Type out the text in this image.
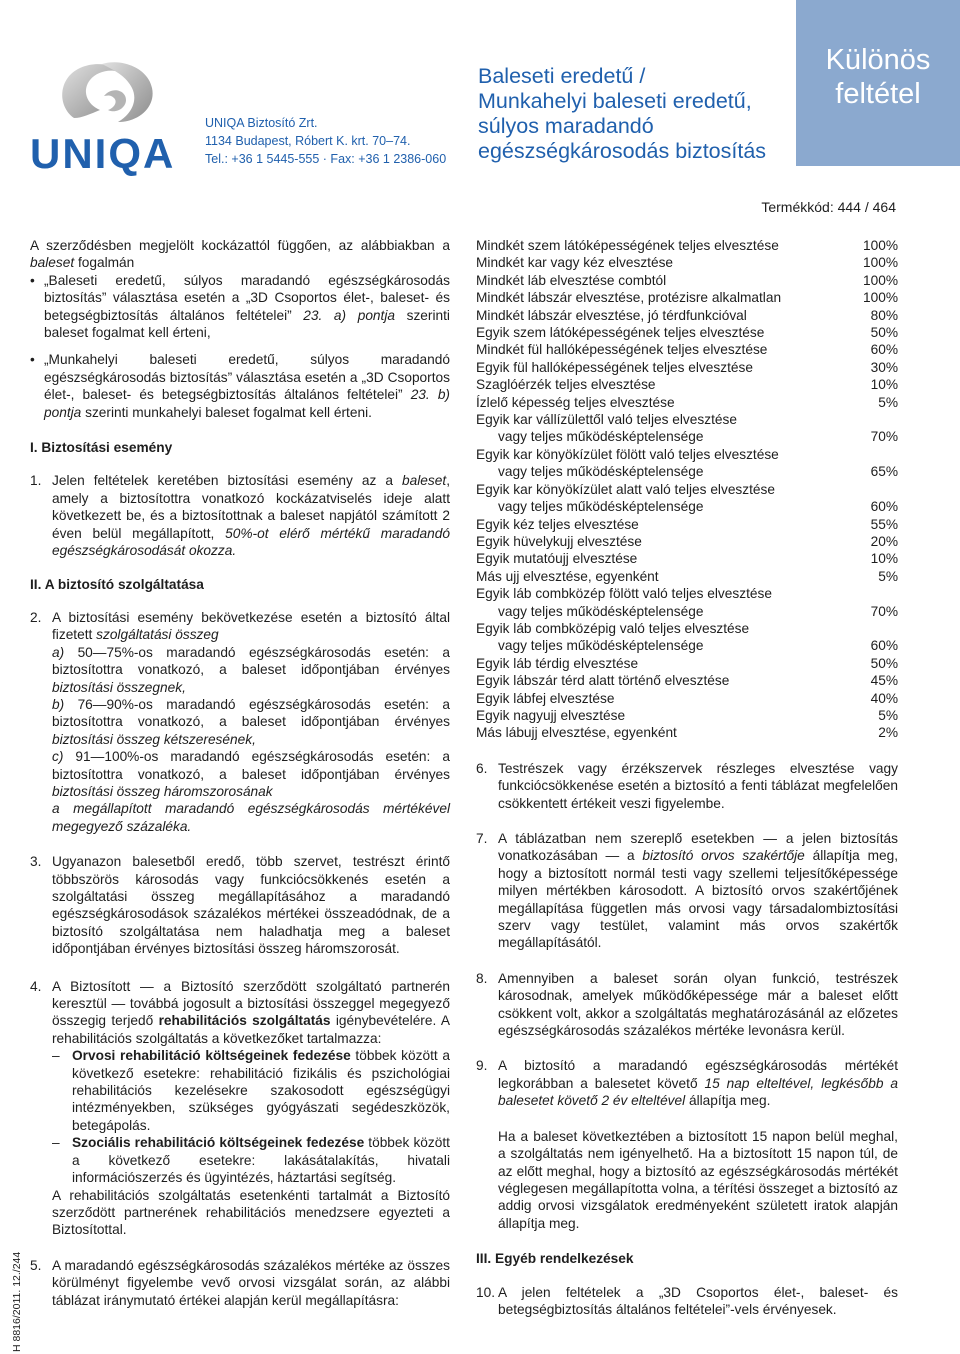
UNIQA
UNIQA Biztosító Zrt.
1134 Budapest, Róbert K. krt. 70–74.
Tel.: +36 1 5445-555 · Fax: +36 1 2386-060
Baleseti eredetű /
Munkahelyi baleseti eredetű,
súlyos maradandó
egészségkárosodás biztosítás
Különös
feltétel
Termékkód: 444 / 464
H 8816/2011. 12./244

A szerződésben megjelölt kockázattól függően, az alábbiakban a baleset fogalmán

• „Baleseti eredetű, súlyos maradandó egészségkárosodás biztosítás” választása esetén a „3D Csoportos élet-, baleset- és betegségbiztosítás általános feltételei” 23. a) pontja szerinti baleset fogalmat kell érteni,
• „Munkahelyi baleseti eredetű, súlyos maradandó egészségkárosodás biztosítás” választása esetén a „3D Csoportos élet-, baleset- és betegségbiztosítás általános feltételei” 23. b) pontja szerinti munkahelyi baleset fogalmat kell érteni.

I. Biztosítási esemény

1. Jelen feltételek keretében biztosítási esemény az a baleset, amely a biztosítottra vonatkozó kockázatviselés ideje alatt következett be, és a biztosítottnak a baleset napjától számított 2 éven belül megállapított, 50%-ot elérő mértékű maradandó egészségkárosodását okozza.

II. A biztosító szolgáltatása

2. A biztosítási esemény bekövetkezése esetén a biztosító által fizetett szolgáltatási összeg
a) 50—75%-os maradandó egészségkárosodás esetén: a biztosítottra vonatkozó, a baleset időpontjában érvényes biztosítási összegnek,
b) 76—90%-os maradandó egészségkárosodás esetén: a biztosítottra vonatkozó, a baleset időpontjában érvényes biztosítási összeg kétszeresének,
c) 91—100%-os maradandó egészségkárosodás esetén: a biztosítottra vonatkozó, a baleset időpontjában érvényes biztosítási összeg háromszorosának
a megállapított maradandó egészségkárosodás mértékével megegyező százaléka.
3. Ugyanazon balesetből eredő, több szervet, testrészt érintő többszörös károsodás vagy funkciócsökkenés esetén a szolgáltatási összeg megállapításához a maradandó egészségkárosodások százalékos mértékei összeadódnak, de a biztosító szolgáltatása nem haladhatja meg a baleset időpontjában érvényes biztosítási összeg háromszorosát.
4. A Biztosított — a Biztosító szerződött szolgáltató partnerén keresztül — továbbá jogosult a biztosítási összeggel megegyező összegig terjedő rehabilitációs szolgáltatás igénybevételére. A rehabilitációs szolgáltatás a következőket tartalmazza:
– Orvosi rehabilitáció költségeinek fedezése többek között a következő esetekre: rehabilitáció fizikális és pszichológiai rehabilitációs kezelésekre szakosodott egészségügyi intézményekben, szükséges gyógyászati segédeszközök, betegápolás.
– Szociális rehabilitáció költségeinek fedezése többek között a következő esetekre: lakásátalakítás, hivatali információszerzés és ügyintézés, háztartási segítség.
A rehabilitációs szolgáltatás esetenkénti tartalmát a Biztosító szerződött partnerének rehabilitációs menedzsere egyezteti a Biztosítottal.
5. A maradandó egészségkárosodás százalékos mértéke az összes körülményt figyelembe vevő orvosi vizsgálat során, az alábbi táblázat iránymutató értékei alapján kerül megállapításra:
Mindkét szem látóképességének teljes elvesztése	100%

Mindkét kar vagy kéz elvesztése	100%

Mindkét láb elvesztése combtól	100%

Mindkét lábszár elvesztése, protézisre alkalmatlan	100%

Mindkét lábszár elvesztése, jó térdfunkcióval	80%

Egyik szem látóképességének teljes elvesztése	50%

Mindkét fül hallóképességének teljes elvesztése	60%

Egyik fül hallóképességének teljes elvesztése	30%

Szaglóérzék teljes elvesztése	10%

Ízlelő képesség teljes elvesztése	5%

Egyik kar vállízülettől való teljes elvesztése
vagy teljes működésképtelensége	70%

Egyik kar könyökízület fölött való teljes elvesztése
vagy teljes működésképtelensége	65%

Egyik kar könyökízület alatt való teljes elvesztése
vagy teljes működésképtelensége	60%

Egyik kéz teljes elvesztése	55%

Egyik hüvelykujj elvesztése	20%

Egyik mutatóujj elvesztése	10%

Más ujj elvesztése, egyenként	5%

Egyik láb combközép fölött való teljes elvesztése
vagy teljes működésképtelensége	70%

Egyik láb combközépig való teljes elvesztése
vagy teljes működésképtelensége	60%

Egyik láb térdig elvesztése	50%

Egyik lábszár térd alatt történő elvesztése	45%

Egyik lábfej elvesztése	40%

Egyik nagyujj elvesztése	5%

Más lábujj elvesztése, egyenként	2%
6. Testrészek vagy érzékszervek részleges elvesztése vagy funkciócsökkenése esetén a biztosító a fenti táblázat megfelelően csökkentett értékeit veszi figyelembe.
7. A táblázatban nem szereplő esetekben — a jelen biztosítás vonatkozásában — a biztosító orvos szakértője állapítja meg, hogy a biztosított normál testi vagy szellemi teljesítőképessége milyen mértékben károsodott. A biztosító orvos szakértőjének megállapítása független más orvosi vagy társadalombiztosítási szerv vagy testület, valamint más orvos szakértők megállapításától.
8. Amennyiben a baleset során olyan funkció, testrészek károsodnak, amelyek működőképessége már a baleset előtt csökkent volt, akkor a szolgáltatás meghatározásánál az előzetes egészségkárosodás százalékos mértéke levonásra kerül.
9. A biztosító a maradandó egészségkárosodás mértékét legkorábban a balesetet követő 15 nap elteltével, legkésőbb a balesetet követő 2 év elteltével állapítja meg.
Ha a baleset következtében a biztosított 15 napon belül meghal, a szolgáltatás nem igényelhető. Ha a biztosított 15 napon túl, de az előtt meghal, hogy a biztosító az egészségkárosodás mértékét véglegesen megállapította volna, a térítési összeget a biztosító az addig orvosi vizsgálatok eredményeként született iratok alapján állapítja meg.

III. Egyéb rendelkezések

10. A jelen feltételek a „3D Csoportos élet-, baleset- és betegségbiztosítás általános feltételei”-vels érvényesek.
